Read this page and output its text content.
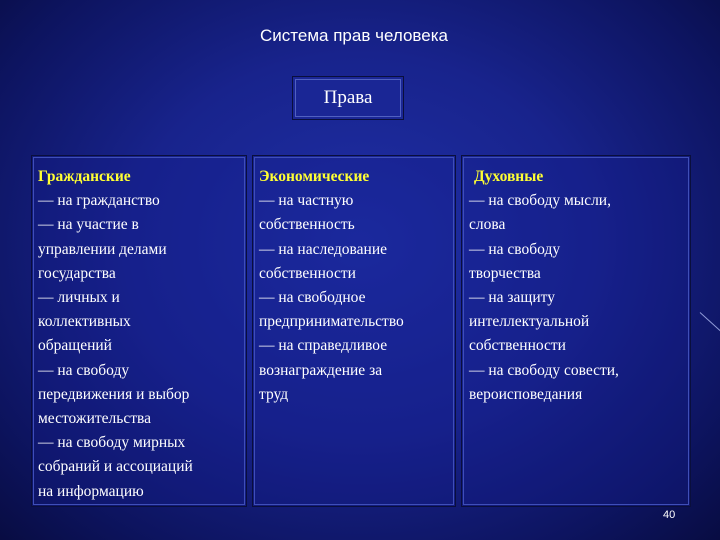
Система прав человека
Права
Гражданские
— на гражданство
— на участие в
управлении делами
государства
— личных и
коллективных
обращений
— на свободу
передвижения и выбор
местожительства
— на свободу мирных
собраний и ассоциаций
на информацию
Экономические
— на частную
собственность
— на наследование
собственности
— на свободное
предпринимательство
— на справедливое
вознаграждение за
труд
Духовные
— на свободу мысли,
слова
— на свободу
творчества
— на защиту
интеллектуальной
собственности
— на свободу совести,
вероисповедания
40
